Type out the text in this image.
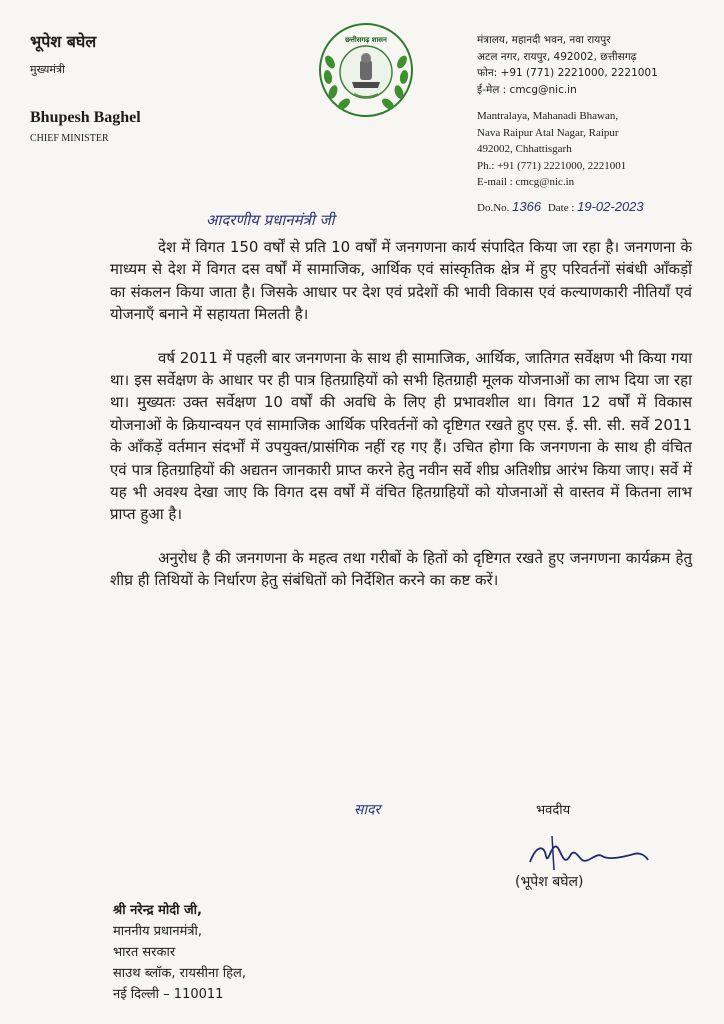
भूपेश बघेल
मुख्यमंत्री
Bhupesh Baghel
CHIEF MINISTER
छत्तीसगढ़ शासन	मंत्रालय, महानदी भवन, नवा रायपुर
अटल नगर, रायपुर, 492002, छत्तीसगढ़
फोन: +91 (771) 2221000, 2221001
ई-मेल : cmcg@nic.in
Mantralaya, Mahanadi Bhawan,
Nava Raipur Atal Nagar, Raipur
492002, Chhattisgarh
Ph.: +91 (771) 2221000, 2221001
E-mail : cmcg@nic.in
Do.No. 1366 Date : 19-02-2023
आदरणीय प्रधानमंत्री जी

देश में विगत 150 वर्षों से प्रति 10 वर्षों में जनगणना कार्य संपादित किया जा रहा है। जनगणना के माध्यम से देश में विगत दस वर्षों में सामाजिक, आर्थिक एवं सांस्कृतिक क्षेत्र में हुए परिवर्तनों संबंधी आँकड़ों का संकलन किया जाता है। जिसके आधार पर देश एवं प्रदेशों की भावी विकास एवं कल्याणकारी नीतियाँ एवं योजनाएँ बनाने में सहायता मिलती है।

वर्ष 2011 में पहली बार जनगणना के साथ ही सामाजिक, आर्थिक, जातिगत सर्वेक्षण भी किया गया था। इस सर्वेक्षण के आधार पर ही पात्र हितग्राहियों को सभी हितग्राही मूलक योजनाओं का लाभ दिया जा रहा था। मुख्यतः उक्त सर्वेक्षण 10 वर्षों की अवधि के लिए ही प्रभावशील था। विगत 12 वर्षों में विकास योजनाओं के क्रियान्वयन एवं सामाजिक आर्थिक परिवर्तनों को दृष्टिगत रखते हुए एस. ई. सी. सी. सर्वे 2011 के आँकड़ें वर्तमान संदर्भों में उपयुक्त/प्रासंगिक नहीं रह गए हैं। उचित होगा कि जनगणना के साथ ही वंचित एवं पात्र हितग्राहियों की अद्यतन जानकारी प्राप्त करने हेतु नवीन सर्वे शीघ्र अतिशीघ्र आरंभ किया जाए। सर्वे में यह भी अवश्य देखा जाए कि विगत दस वर्षों में वंचित हितग्राहियों को योजनाओं से वास्तव में कितना लाभ प्राप्त हुआ है।

अनुरोध है की जनगणना के महत्व तथा गरीबों के हितों को दृष्टिगत रखते हुए जनगणना कार्यक्रम हेतु शीघ्र ही तिथियों के निर्धारण हेतु संबंधितों को निर्देशित करने का कष्ट करें।

सादर	भवदीय
(भूपेश बघेल)
श्री नरेन्द्र मोदी जी,
माननीय प्रधानमंत्री,
भारत सरकार
साउथ ब्लॉक, रायसीना हिल,
नई दिल्ली – 110011
